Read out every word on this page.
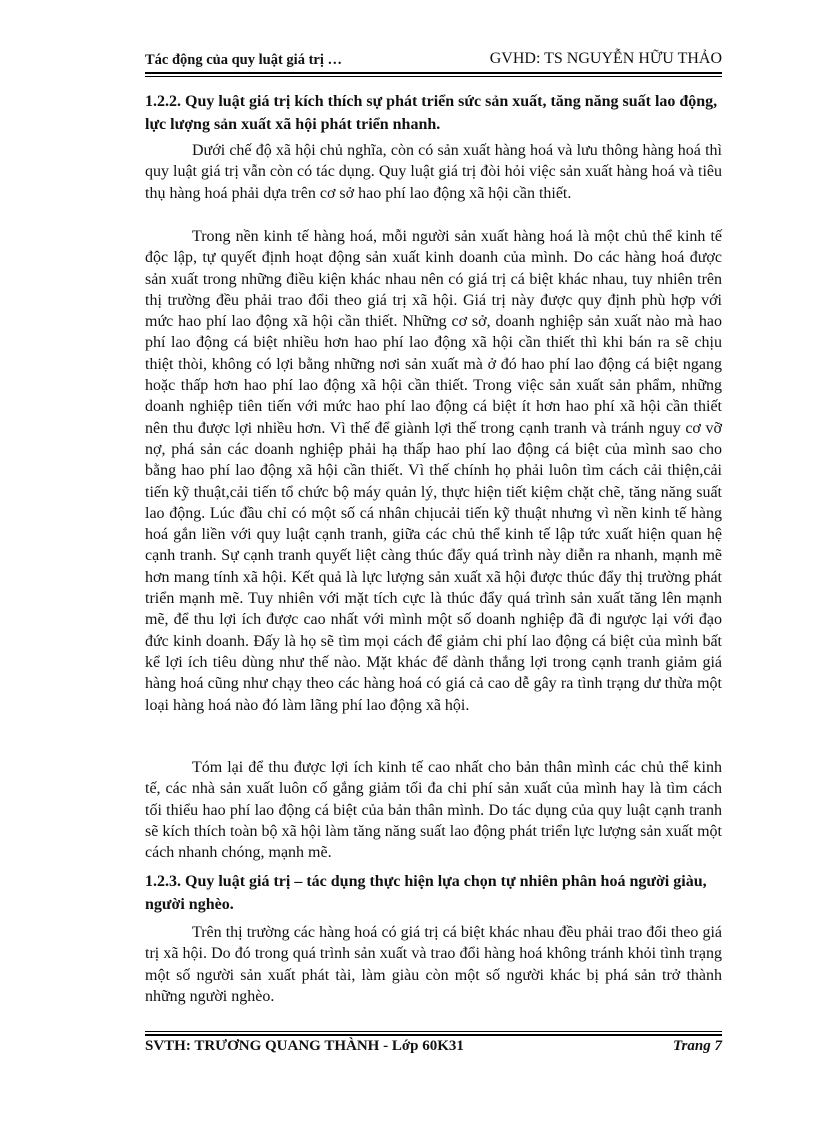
Tác động của quy luật giá trị …	GVHD: TS NGUYỄN HỮU THẢO
1.2.2. Quy luật giá trị kích thích sự phát triển sức sản xuất, tăng năng suất lao động, lực lượng sản xuất xã hội phát triển nhanh.

Dưới chế độ xã hội chủ nghĩa, còn có sản xuất hàng hoá và lưu thông hàng hoá thì quy luật giá trị vẫn còn có tác dụng. Quy luật giá trị đòi hỏi việc sản xuất hàng hoá và tiêu thụ hàng hoá phải dựa trên cơ sở hao phí lao động xã hội cần thiết.

Trong nền kinh tế hàng hoá, mỗi người sản xuất hàng hoá là một chủ thể kinh tế độc lập, tự quyết định hoạt động sản xuất kinh doanh của mình. Do các hàng hoá được sản xuất trong những điều kiện khác nhau nên có giá trị cá biệt khác nhau, tuy nhiên trên thị trường đều phải trao đổi theo giá trị xã hội. Giá trị này được quy định phù hợp với mức hao phí lao động xã hội cần thiết. Những cơ sở, doanh nghiệp sản xuất nào mà hao phí lao động cá biệt nhiều hơn hao phí lao động xã hội cần thiết thì khi bán ra sẽ chịu thiệt thòi, không có lợi bằng những nơi sản xuất mà ở đó hao phí lao động cá biệt ngang hoặc thấp hơn hao phí lao động xã hội cần thiết. Trong việc sản xuất sản phẩm, những doanh nghiệp tiên tiến với mức hao phí lao động cá biệt ít hơn hao phí xã hội cần thiết nên thu được lợi nhiều hơn. Vì thế để giành lợi thế trong cạnh tranh và tránh nguy cơ vỡ nợ, phá sản các doanh nghiệp phải hạ thấp hao phí lao động cá biệt của mình sao cho bằng hao phí lao động xã hội cần thiết. Vì thế chính họ phải luôn tìm cách cải thiện,cải tiến kỹ thuật,cải tiến tổ chức bộ máy quản lý, thực hiện tiết kiệm chặt chẽ, tăng năng suất lao động. Lúc đầu chỉ có một số cá nhân chịucải tiến kỹ thuật nhưng vì nền kinh tế hàng hoá gắn liền với quy luật cạnh tranh, giữa các chủ thể kinh tế lập tức xuất hiện quan hệ cạnh tranh. Sự cạnh tranh quyết liệt càng thúc đẩy quá trình này diễn ra nhanh, mạnh mẽ hơn mang tính xã hội. Kết quả là lực lượng sản xuất xã hội được thúc đẩy thị trường phát triển mạnh mẽ. Tuy nhiên với mặt tích cực là thúc đẩy quá trình sản xuất tăng lên mạnh mẽ, để thu lợi ích được cao nhất với mình một số doanh nghiệp đã đi ngược lại với đạo đức kinh doanh. Đấy là họ sẽ tìm mọi cách để giảm chi phí lao động cá biệt của mình bất kể lợi ích tiêu dùng như thế nào. Mặt khác để dành thắng lợi trong cạnh tranh giảm giá hàng hoá cũng như chạy theo các hàng hoá có giá cả cao dễ gây ra tình trạng dư thừa một loại hàng hoá nào đó làm lãng phí lao động xã hội.

Tóm lại để thu được lợi ích kinh tế cao nhất cho bản thân mình các chủ thể kinh tế, các nhà sản xuất luôn cố gắng giảm tối đa chi phí sản xuất của mình hay là tìm cách tối thiểu hao phí lao động cá biệt của bản thân mình. Do tác dụng của quy luật cạnh tranh sẽ kích thích toàn bộ xã hội làm tăng năng suất lao động phát triển lực lượng sản xuất một cách nhanh chóng, mạnh mẽ.

1.2.3. Quy luật giá trị – tác dụng thực hiện lựa chọn tự nhiên phân hoá người giàu, người nghèo.

Trên thị trường các hàng hoá có giá trị cá biệt khác nhau đều phải trao đổi theo giá trị xã hội. Do đó trong quá trình sản xuất và trao đổi hàng hoá không tránh khỏi tình trạng một số người sản xuất phát tài, làm giàu còn một số người khác bị phá sản trở thành những người nghèo.

SVTH: TRƯƠNG QUANG THÀNH - Lớp 60K31	Trang 7
